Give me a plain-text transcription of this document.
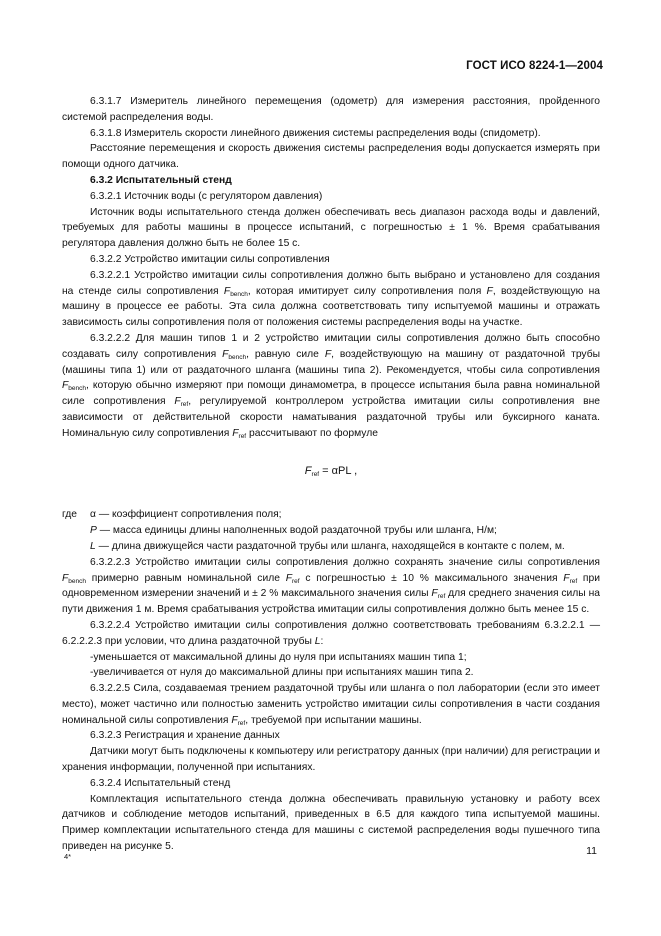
ГОСТ ИСО 8224-1—2004

6.3.1.7 Измеритель линейного перемещения (одометр) для измерения расстояния, пройденного системой распределения воды.

6.3.1.8 Измеритель скорости линейного движения системы распределения воды (спидометр).

Расстояние перемещения и скорость движения системы распределения воды допускается измерять при помощи одного датчика.

6.3.2 Испытательный стенд

6.3.2.1 Источник воды (с регулятором давления)

Источник воды испытательного стенда должен обеспечивать весь диапазон расхода воды и давлений, требуемых для работы машины в процессе испытаний, с погрешностью ± 1 %. Время срабатывания регулятора давления должно быть не более 15 с.

6.3.2.2 Устройство имитации силы сопротивления

6.3.2.2.1 Устройство имитации силы сопротивления должно быть выбрано и установлено для создания на стенде силы сопротивления $F_{bench}$, которая имитирует силу сопротивления поля F, воздействующую на машину в процессе ее работы. Эта сила должна соответствовать типу испытуемой машины и отражать зависимость силы сопротивления поля от положения системы распределения воды на участке.

6.3.2.2.2 Для машин типов 1 и 2 устройство имитации силы сопротивления должно быть способно создавать силу сопротивления $F_{bench}$, равную силе F, воздействующую на машину от раздаточной трубы (машины типа 1) или от раздаточного шланга (машины типа 2). Рекомендуется, чтобы сила сопротивления $F_{bench}$, которую обычно измеряют при помощи динамометра, в процессе испытания была равна номинальной силе сопротивления $F_{ref}$, регулируемой контроллером устройства имитации силы сопротивления вне зависимости от действительной скорости наматывания раздаточной трубы или буксирного каната. Номинальную силу сопротивления $F_{ref}$ рассчитывают по формуле

$F_{ref} = \alpha PL$ ,

где α — коэффициент сопротивления поля;

P — масса единицы длины наполненных водой раздаточной трубы или шланга, Н/м;

L — длина движущейся части раздаточной трубы или шланга, находящейся в контакте с полем, м.

6.3.2.2.3 Устройство имитации силы сопротивления должно сохранять значение силы сопротивления $F_{bench}$ примерно равным номинальной силе $F_{ref}$ с погрешностью ± 10 % максимального значения $F_{ref}$ при одновременном измерении значений и ± 2 % максимального значения силы $F_{ref}$ для среднего значения силы на пути движения 1 м. Время срабатывания устройства имитации силы сопротивления должно быть менее 15 с.

6.3.2.2.4 Устройство имитации силы сопротивления должно соответствовать требованиям 6.3.2.2.1 — 6.2.2.2.3 при условии, что длина раздаточной трубы L:

-уменьшается от максимальной длины до нуля при испытаниях машин типа 1;

-увеличивается от нуля до максимальной длины при испытаниях машин типа 2.

6.3.2.2.5 Сила, создаваемая трением раздаточной трубы или шланга о пол лаборатории (если это имеет место), может частично или полностью заменить устройство имитации силы сопротивления в части создания номинальной силы сопротивления $F_{ref}$, требуемой при испытании машины.

6.3.2.3 Регистрация и хранение данных

Датчики могут быть подключены к компьютеру или регистратору данных (при наличии) для регистрации и хранения информации, полученной при испытаниях.

6.3.2.4 Испытательный стенд

Комплектация испытательного стенда должна обеспечивать правильную установку и работу всех датчиков и соблюдение методов испытаний, приведенных в 6.5 для каждого типа испытуемой машины. Пример комплектации испытательного стенда для машины с системой распределения воды пушечного типа приведен на рисунке 5.

4*	11
